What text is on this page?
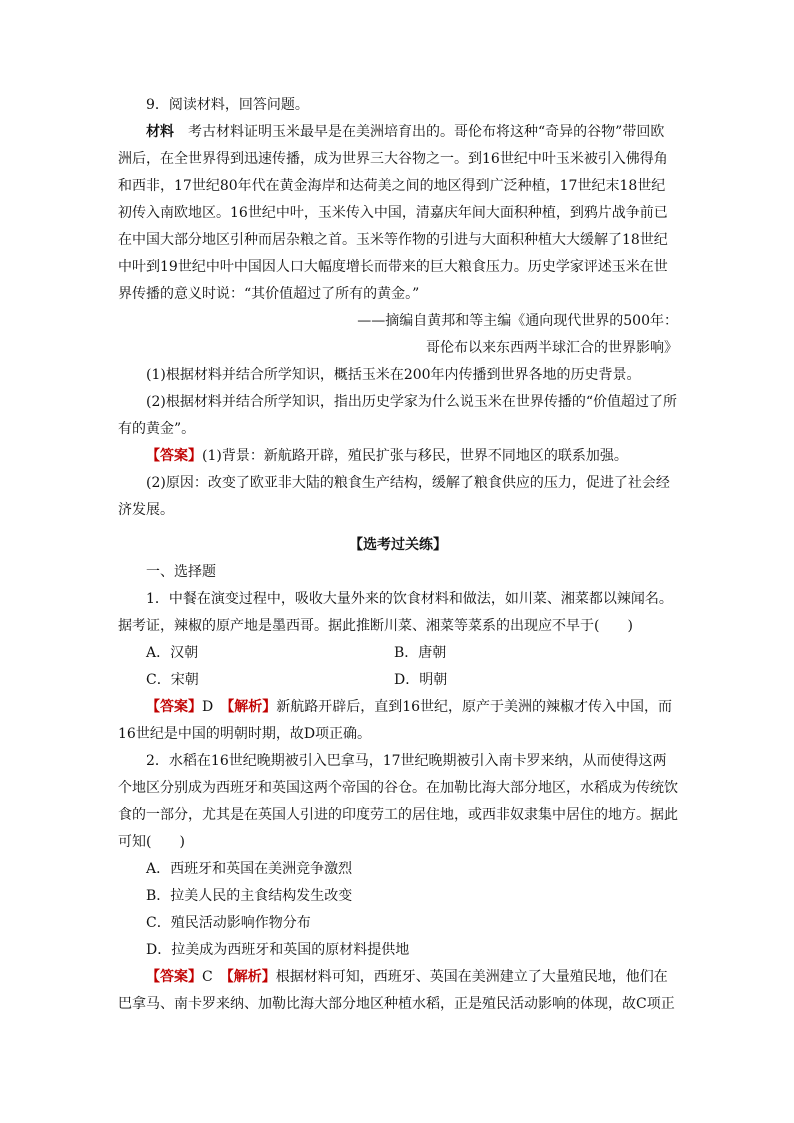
9．阅读材料，回答问题。

材料　 考古材料证明玉米最早是在美洲培育出的。哥伦布将这种“奇异的谷物”带回欧洲后，在全世界得到迅速传播，成为世界三大谷物之一。到16世纪中叶玉米被引入佛得角和西非，17世纪80年代在黄金海岸和达荷美之间的地区得到广泛种植，17世纪末18世纪初传入南欧地区。16世纪中叶，玉米传入中国，清嘉庆年间大面积种植，到鸦片战争前已在中国大部分地区引种而居杂粮之首。玉米等作物的引进与大面积种植大大缓解了18世纪中叶到19世纪中叶中国因人口大幅度增长而带来的巨大粮食压力。历史学家评述玉米在世界传播的意义时说：“其价值超过了所有的黄金。”

——摘编自黄邦和等主编《通向现代世界的500年：

哥伦布以来东西两半球汇合的世界影响》

(1)根据材料并结合所学知识，概括玉米在200年内传播到世界各地的历史背景。

(2)根据材料并结合所学知识，指出历史学家为什么说玉米在世界传播的“价值超过了所有的黄金”。

【答案】(1)背景：新航路开辟，殖民扩张与移民，世界不同地区的联系加强。

(2)原因：改变了欧亚非大陆的粮食生产结构，缓解了粮食供应的压力，促进了社会经济发展。

【选考过关练】

一、选择题

1．中餐在演变过程中，吸收大量外来的饮食材料和做法，如川菜、湘菜都以辣闻名。据考证，辣椒的原产地是墨西哥。据此推断川菜、湘菜等菜系的出现应不早于(　　)

A．汉朝	B．唐朝
C．宋朝	D．明朝

【答案】D　 【解析】新航路开辟后，直到16世纪，原产于美洲的辣椒才传入中国，而16世纪是中国的明朝时期，故D项正确。

2．水稻在16世纪晚期被引入巴拿马，17世纪晚期被引入南卡罗来纳，从而使得这两个地区分别成为西班牙和英国这两个帝国的谷仓。在加勒比海大部分地区，水稻成为传统饮食的一部分，尤其是在英国人引进的印度劳工的居住地，或西非奴隶集中居住的地方。据此可知(　　)

A．西班牙和英国在美洲竞争激烈

B．拉美人民的主食结构发生改变

C．殖民活动影响作物分布

D．拉美成为西班牙和英国的原材料提供地

【答案】C　 【解析】根据材料可知，西班牙、英国在美洲建立了大量殖民地，他们在巴拿马、南卡罗来纳、加勒比海大部分地区种植水稻，正是殖民活动影响的体现，故C项正
